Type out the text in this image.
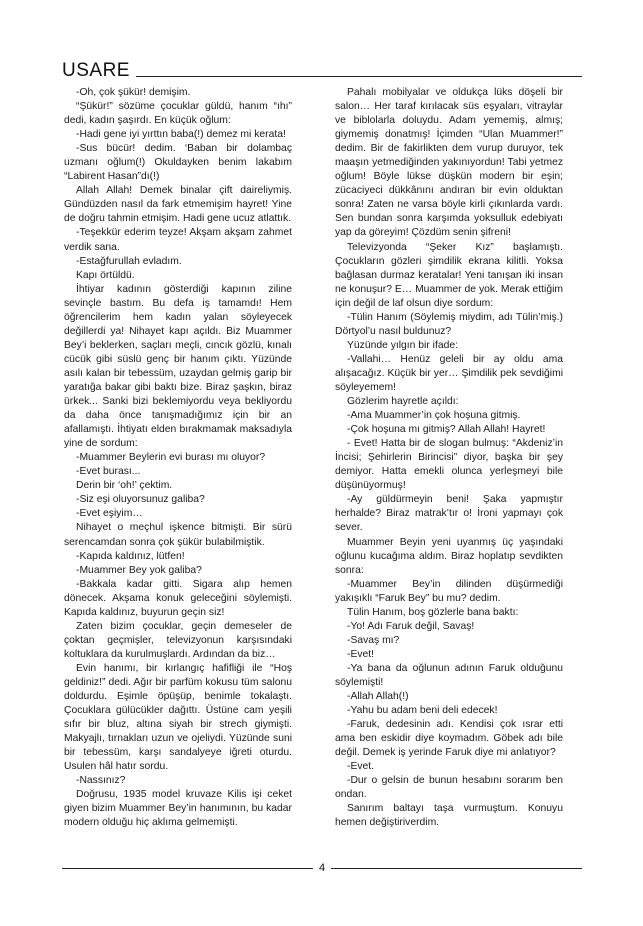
USARE

-Oh, çok şükür! demişim.

“Şükür!” sözüme çocuklar güldü, hanım “ıhı” dedi, kadın şaşırdı. En küçük oğlum:

-Hadi gene iyi yırttın baba(!) demez mi kerata!

-Sus bücür! dedim. ‘Baban bir dolambaç uzmanı oğlum(!) Okuldayken benim lakabım “Labirent Hasan”dı(!)

Allah Allah! Demek binalar çift daireliymiş. Gündüzden nasıl da fark etmemişim hayret! Yine de doğru tahmin etmişim. Hadi gene ucuz atlattık.

-Teşekkür ederim teyze! Akşam akşam zahmet verdik sana.

-Estağfurullah evladım.

Kapı örtüldü.

İhtiyar kadının gösterdiği kapının ziline sevinçle bastım. Bu defa iş tamamdı! Hem öğrencilerim hem kadın yalan söyleyecek değillerdi ya! Nihayet kapı açıldı. Biz Muammer Bey’i beklerken, saçları meçli, cıncık gözlü, kınalı cücük gibi süslü genç bir hanım çıktı. Yüzünde asılı kalan bir tebessüm, uzaydan gelmiş garip bir yaratığa bakar gibi baktı bize. Biraz şaşkın, biraz ürkek... Sanki bizi beklemiyordu veya bekliyordu da daha önce tanışmadığımız için bir an afallamıştı. İhtiyatı elden bırakmamak maksadıyla yine de sordum:

-Muammer Beylerin evi burası mı oluyor?

-Evet burası...

Derin bir ‘oh!’ çektim.

-Siz eşi oluyorsunuz galiba?

-Evet eşiyim…

Nihayet o meçhul işkence bitmişti. Bir sürü serencamdan sonra çok şükür bulabilmiştik.

-Kapıda kaldınız, lütfen!

-Muammer Bey yok galiba?

-Bakkala kadar gitti. Sigara alıp hemen dönecek. Akşama konuk geleceğini söylemişti. Kapıda kaldınız, buyurun geçin siz!

Zaten bizim çocuklar, geçin demeseler de çoktan geçmişler, televizyonun karşısındaki koltuklara da kurulmuşlardı. Ardından da biz…

Evin hanımı, bir kırlangıç hafifliği ile “Hoş geldiniz!” dedi. Ağır bir parfüm kokusu tüm salonu doldurdu. Eşimle öpüşüp, benimle tokalaştı. Çocuklara gülücükler dağıttı. Üstüne cam yeşili sıfır bir bluz, altına siyah bir strech giymişti. Makyajlı, tırnakları uzun ve ojeliydi. Yüzünde suni bir tebessüm, karşı sandalyeye iğreti oturdu. Usulen hâl hatır sordu.

-Nassınız?

Doğrusu, 1935 model kruvaze Kilis işi ceket giyen bizim Muammer Bey’in hanımının, bu kadar modern olduğu hiç aklıma gelmemişti.

Pahalı mobilyalar ve oldukça lüks döşeli bir salon… Her taraf kırılacak süs eşyaları, vitraylar ve biblolarla doluydu. Adam yememiş, almış; giymemiş donatmış! İçimden “Ulan Muammer!” dedim. Bir de fakirlikten dem vurup duruyor, tek maaşın yetmediğinden yakınıyordun! Tabi yetmez oğlum! Böyle lükse düşkün modern bir eşin; zücaciyeci dükkânını andıran bir evin olduktan sonra! Zaten ne varsa böyle kirli çıkınlarda vardı. Sen bundan sonra karşımda yoksulluk edebiyatı yap da göreyim! Çözdüm senin şifreni!

Televizyonda “Şeker Kız” başlamıştı. Çocukların gözleri şimdilik ekrana kilitli. Yoksa bağlasan durmaz keratalar! Yeni tanışan iki insan ne konuşur? E… Muammer de yok. Merak ettiğim için değil de laf olsun diye sordum:

-Tülin Hanım (Söylemiş miydim, adı Tülin’miş.) Dörtyol’u nasıl buldunuz?

Yüzünde yılgın bir ifade:

-Vallahi… Henüz geleli bir ay oldu ama alışacağız. Küçük bir yer… Şimdilik pek sevdiğimi söyleyemem!

Gözlerim hayretle açıldı:

-Ama Muammer’in çok hoşuna gitmiş.

-Çok hoşuna mı gitmiş? Allah Allah! Hayret!

- Evet! Hatta bir de slogan bulmuş: “Akdeniz’in İncisi; Şehirlerin Birincisi” diyor, başka bir şey demiyor. Hatta emekli olunca yerleşmeyi bile düşünüyormuş!

-Ay güldürmeyin beni! Şaka yapmıştır herhalde? Biraz matrak’tır o! İroni yapmayı çok sever.

Muammer Beyin yeni uyanmış üç yaşındaki oğlunu kucağıma aldım. Biraz hoplatıp sevdikten sonra:

-Muammer Bey’in dilinden düşürmediği yakışıklı “Faruk Bey” bu mu? dedim.

Tülin Hanım, boş gözlerle bana baktı:

-Yo! Adı Faruk değil, Savaş!

-Savaş mı?

-Evet!

-Ya bana da oğlunun adının Faruk olduğunu söylemişti!

-Allah Allah(!)

-Yahu bu adam beni deli edecek!

-Faruk, dedesinin adı. Kendisi çok ısrar etti ama ben eskidir diye koymadım. Göbek adı bile değil. Demek iş yerinde Faruk diye mi anlatıyor?

-Evet.

-Dur o gelsin de bunun hesabını sorarım ben ondan.

Sanırım baltayı taşa vurmuştum. Konuyu hemen değiştiriverdim.

4
